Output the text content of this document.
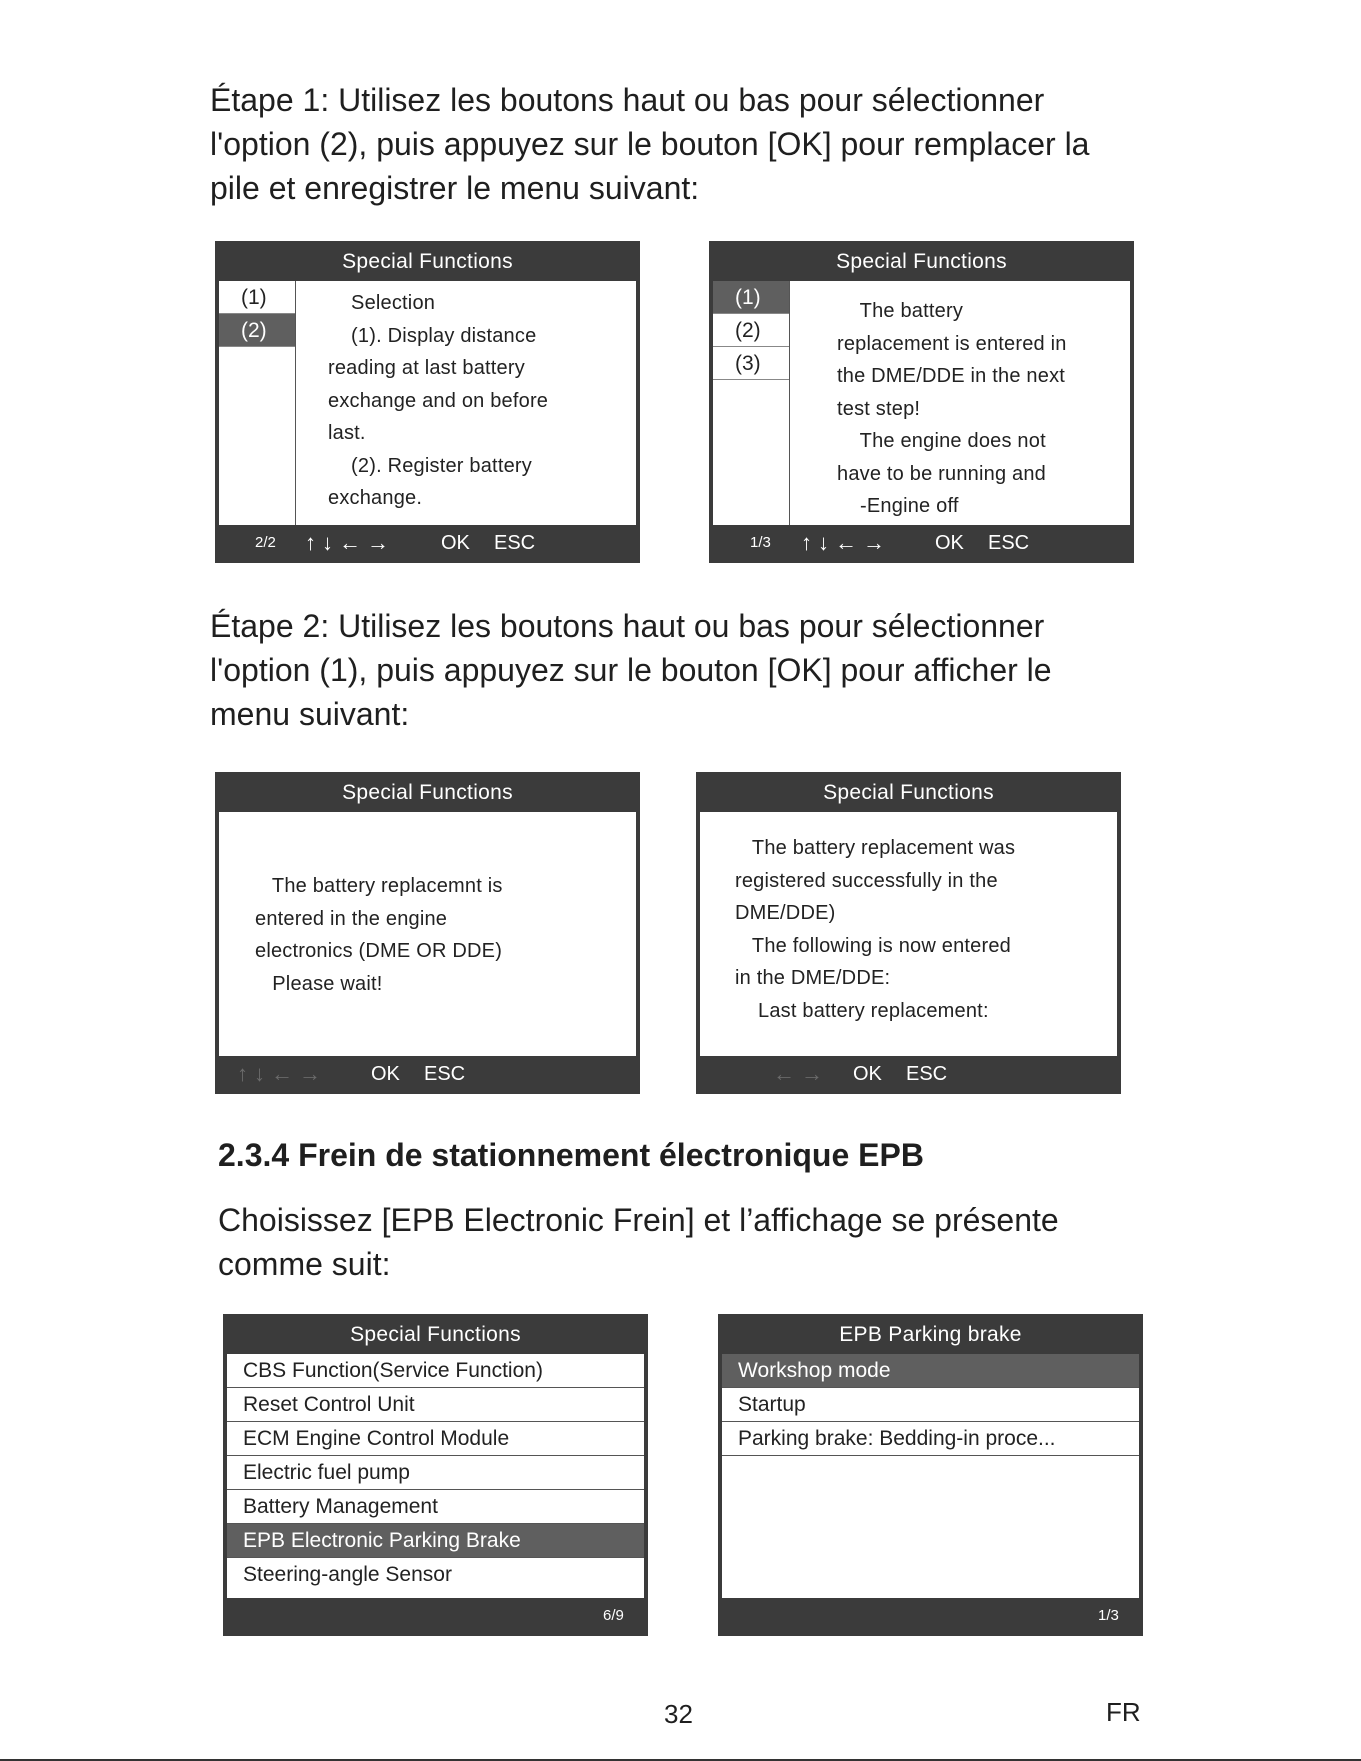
Étape 1: Utilisez les boutons haut ou bas pour sélectionner
l'option (2), puis appuyez sur le bouton [OK] pour remplacer la
pile et enregistrer le menu suivant:
Special Functions
(1)
(2)
Selection
(1). Display distance
reading at last battery
exchange and on before
last.
(2). Register battery
exchange.
2/2 ↑↓←→ OK ESC
Special Functions
(1)
(2)
(3)
The battery
replacement is entered in
the DME/DDE in the next
test step!
The engine does not
have to be running and
-Engine off
1/3 ↑↓←→ OK ESC
Étape 2: Utilisez les boutons haut ou bas pour sélectionner
l'option (1), puis appuyez sur le bouton [OK] pour afficher le
menu suivant:
Special Functions
The battery replacemnt is
entered in the engine
electronics (DME OR DDE)
Please wait!
↑↓←→ OK ESC
Special Functions
The battery replacement was
registered successfully in the
DME/DDE)
The following is now entered
in the DME/DDE:
Last battery replacement:
←→ OK ESC
2.3.4 Frein de stationnement électronique EPB
Choisissez [EPB Electronic Frein] et l’affichage se présente
comme suit:
Special Functions
CBS Function(Service Function)
Reset Control Unit
ECM Engine Control Module
Electric fuel pump
Battery Management
EPB Electronic Parking Brake
Steering-angle Sensor
6/9
EPB Parking brake
Workshop mode
Startup
Parking brake: Bedding-in proce...
1/3
32	FR
